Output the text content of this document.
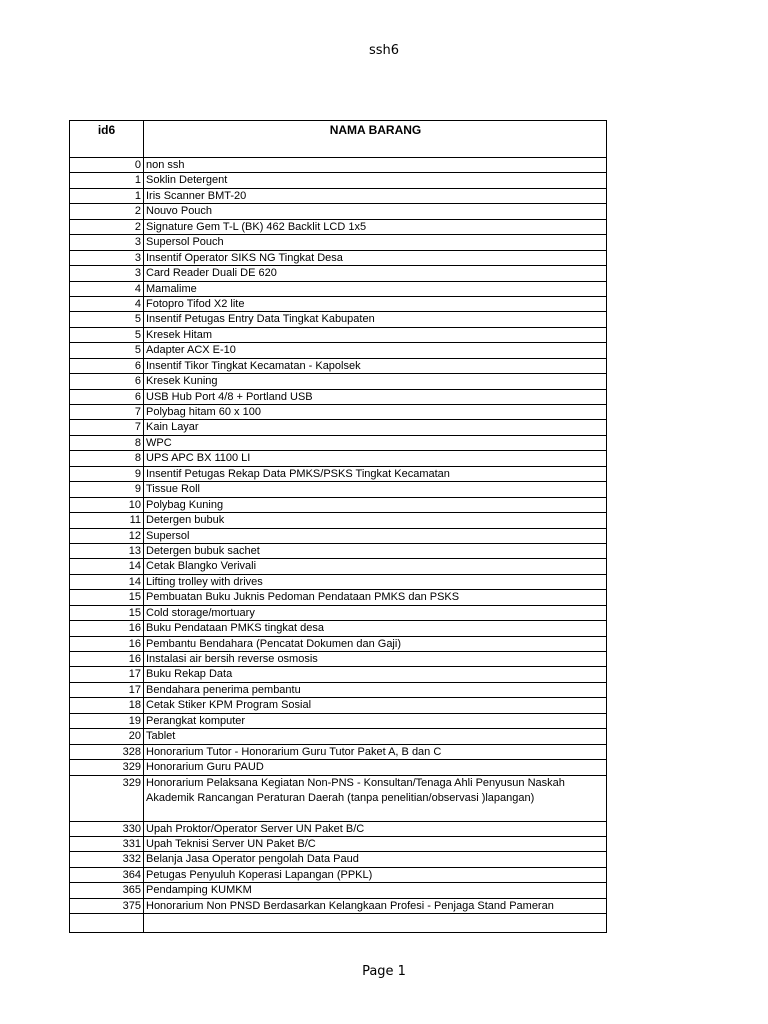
ssh6
id6	NAMA BARANG
0 non ssh
1 Soklin Detergent
1 Iris Scanner BMT-20
2 Nouvo Pouch
2 Signature Gem T-L (BK) 462 Backlit LCD 1x5
3 Supersol Pouch
3 Insentif Operator SIKS NG Tingkat Desa
3 Card Reader Duali DE 620
4 Mamalime
4 Fotopro Tifod X2 lite
5 Insentif Petugas Entry Data Tingkat Kabupaten
5 Kresek Hitam
5 Adapter ACX E-10
6 Insentif Tikor Tingkat Kecamatan - Kapolsek
6 Kresek Kuning
6 USB Hub Port 4/8 + Portland USB
7 Polybag hitam 60 x 100
7 Kain Layar
8 WPC
8 UPS APC BX 1100 LI
9 Insentif Petugas Rekap Data PMKS/PSKS Tingkat Kecamatan
9 Tissue Roll
10 Polybag Kuning
11 Detergen bubuk
12 Supersol
13 Detergen bubuk sachet
14 Cetak Blangko Verivali
14 Lifting trolley with drives
15 Pembuatan Buku Juknis Pedoman Pendataan PMKS dan PSKS
15 Cold storage/mortuary
16 Buku Pendataan PMKS tingkat desa
16 Pembantu Bendahara (Pencatat Dokumen dan Gaji)
16 Instalasi air bersih reverse osmosis
17 Buku Rekap Data
17 Bendahara penerima pembantu
18 Cetak Stiker KPM Program Sosial
19 Perangkat komputer
20 Tablet
328 Honorarium Tutor - Honorarium Guru Tutor Paket A, B dan C
329 Honorarium Guru PAUD
329 Honorarium Pelaksana Kegiatan Non-PNS - Konsultan/Tenaga Ahli Penyusun Naskah Akademik Rancangan Peraturan Daerah (tanpa penelitian/observasi )lapangan)
330 Upah Proktor/Operator Server UN Paket B/C
331 Upah Teknisi Server UN Paket B/C
332 Belanja Jasa Operator pengolah Data Paud
364 Petugas Penyuluh Koperasi Lapangan (PPKL)
365 Pendamping KUMKM
375 Honorarium Non PNSD Berdasarkan Kelangkaan Profesi - Penjaga Stand Pameran
Page 1
